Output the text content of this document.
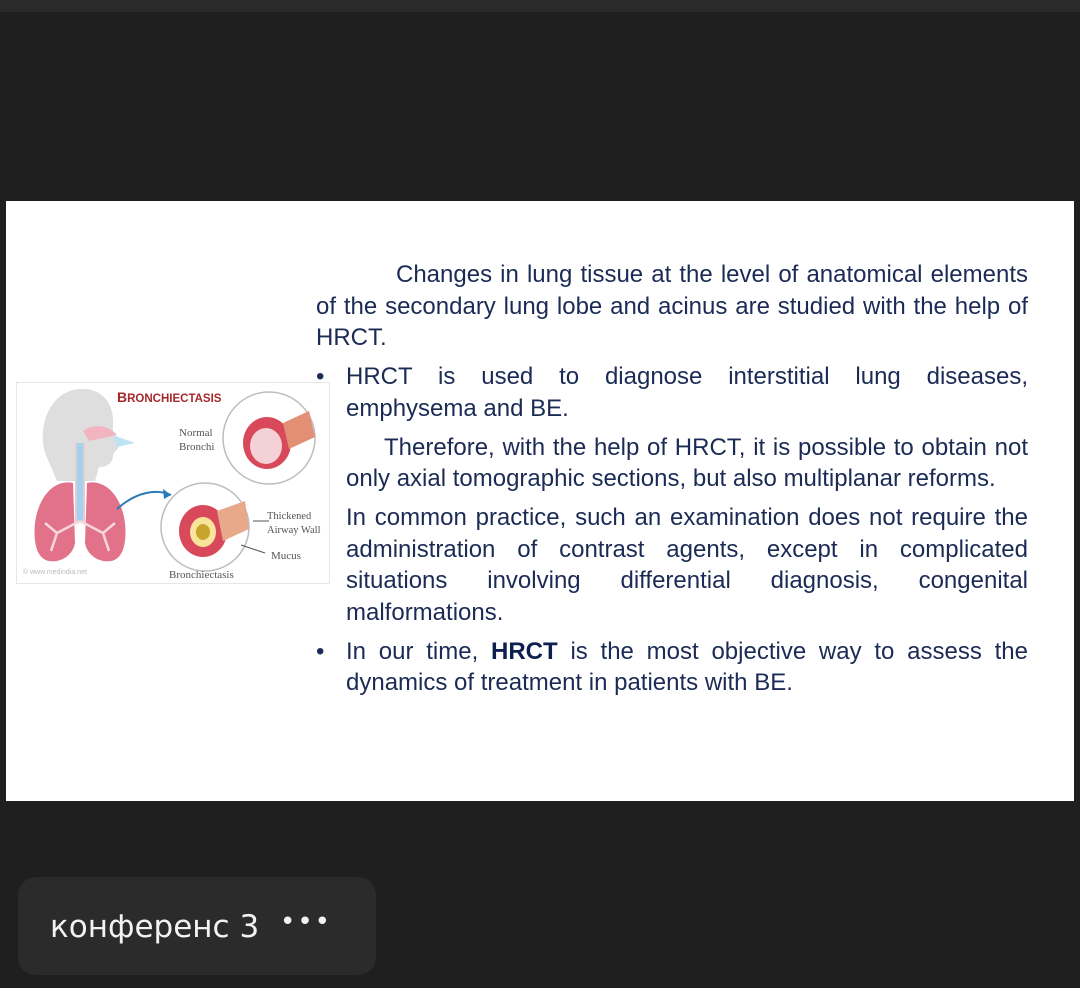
BRONCHIECTASIS
Normal
Bronchi
Thickened
Airway Wall
Mucus
Bronchiectasis
© www.medindia.net

Changes in lung tissue at the level of anatomical elements of the secondary lung lobe and acinus are studied with the help of HRCT.

• HRCT is used to diagnose interstitial lung diseases, emphysema and BE.
Therefore, with the help of HRCT, it is possible to obtain not only axial tomographic sections, but also multiplanar reforms.
In common practice, such an examination does not require the administration of contrast agents, except in complicated situations involving differential diagnosis, congenital malformations.
• In our time, HRCT is the most objective way to assess the dynamics of treatment in patients with BE.
конференс 3 •••
